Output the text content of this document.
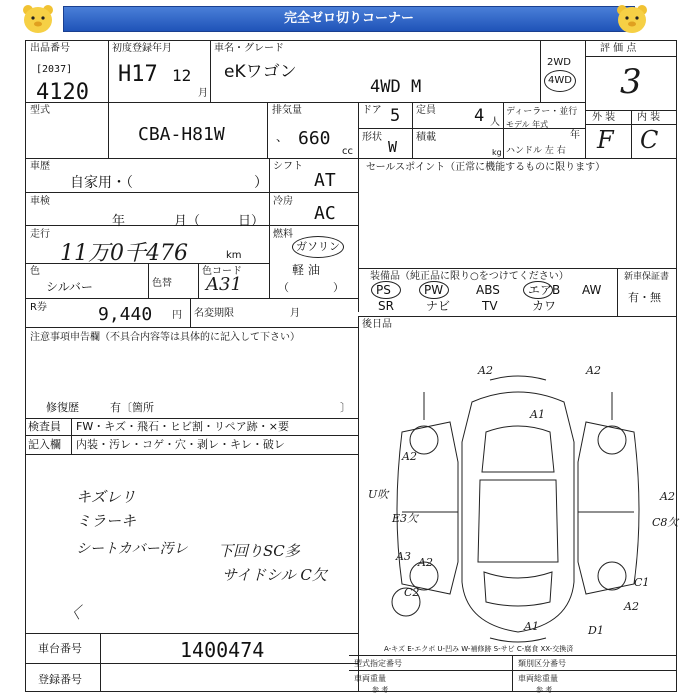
完全ゼロ切りコーナー
出品番号
[2037]
4120
初度登録年月
H17 12
月
車名・グレード
eKワゴン
4WD M
2WD
4WD
評 価 点
3
外 装 内 装
F C
型式
CBA-H81W
排気量
、 660
cc
ドア 5 定員 4 人
ディーラー・並行
モデル 年式
年
形状
W
積載
kg ハンドル 左 右
車歴
自家用・（	）
シフト
AT
車検
年	月（	日）
冷房
AC
走行
11万0千476	km
燃料
ガソリン
軽 油
（　　　　）
色
シルバー	色替
色コード
A31
R券	9,440 円 名変期限	月
注意事項申告欄（不具合内容等は具体的に記入して下さい）
修復歴	有〔箇所	〕
検査員 FW・キズ・飛石・ヒビ割・リペア跡・×要
記入欄 内装・汚レ・コゲ・穴・剥レ・キレ・破レ
キズレリ
ミラーキ
シートカバー汚レ 下回りSC多
サイドシル C欠
〈
車台番号	1400474
登録番号
セールスポイント（正常に機能するものに限ります）
装備品（純正品に限り○をつけてください）	新車保証書
有・無
PS	PW	ABS エアB AW
SR	ナビ	TV	カワ
後日品
A2	A2
A1
A2
U吹	A2
E3欠
A3 A2
C8欠
C1
A2
C2
A1	D1
A-キズ E-エクボ U-凹み W-補修跡 S-サビ C-腐食 XX-交換済
型式指定番号	類別区分番号
車両重量	車両総重量
参 考	参 考
